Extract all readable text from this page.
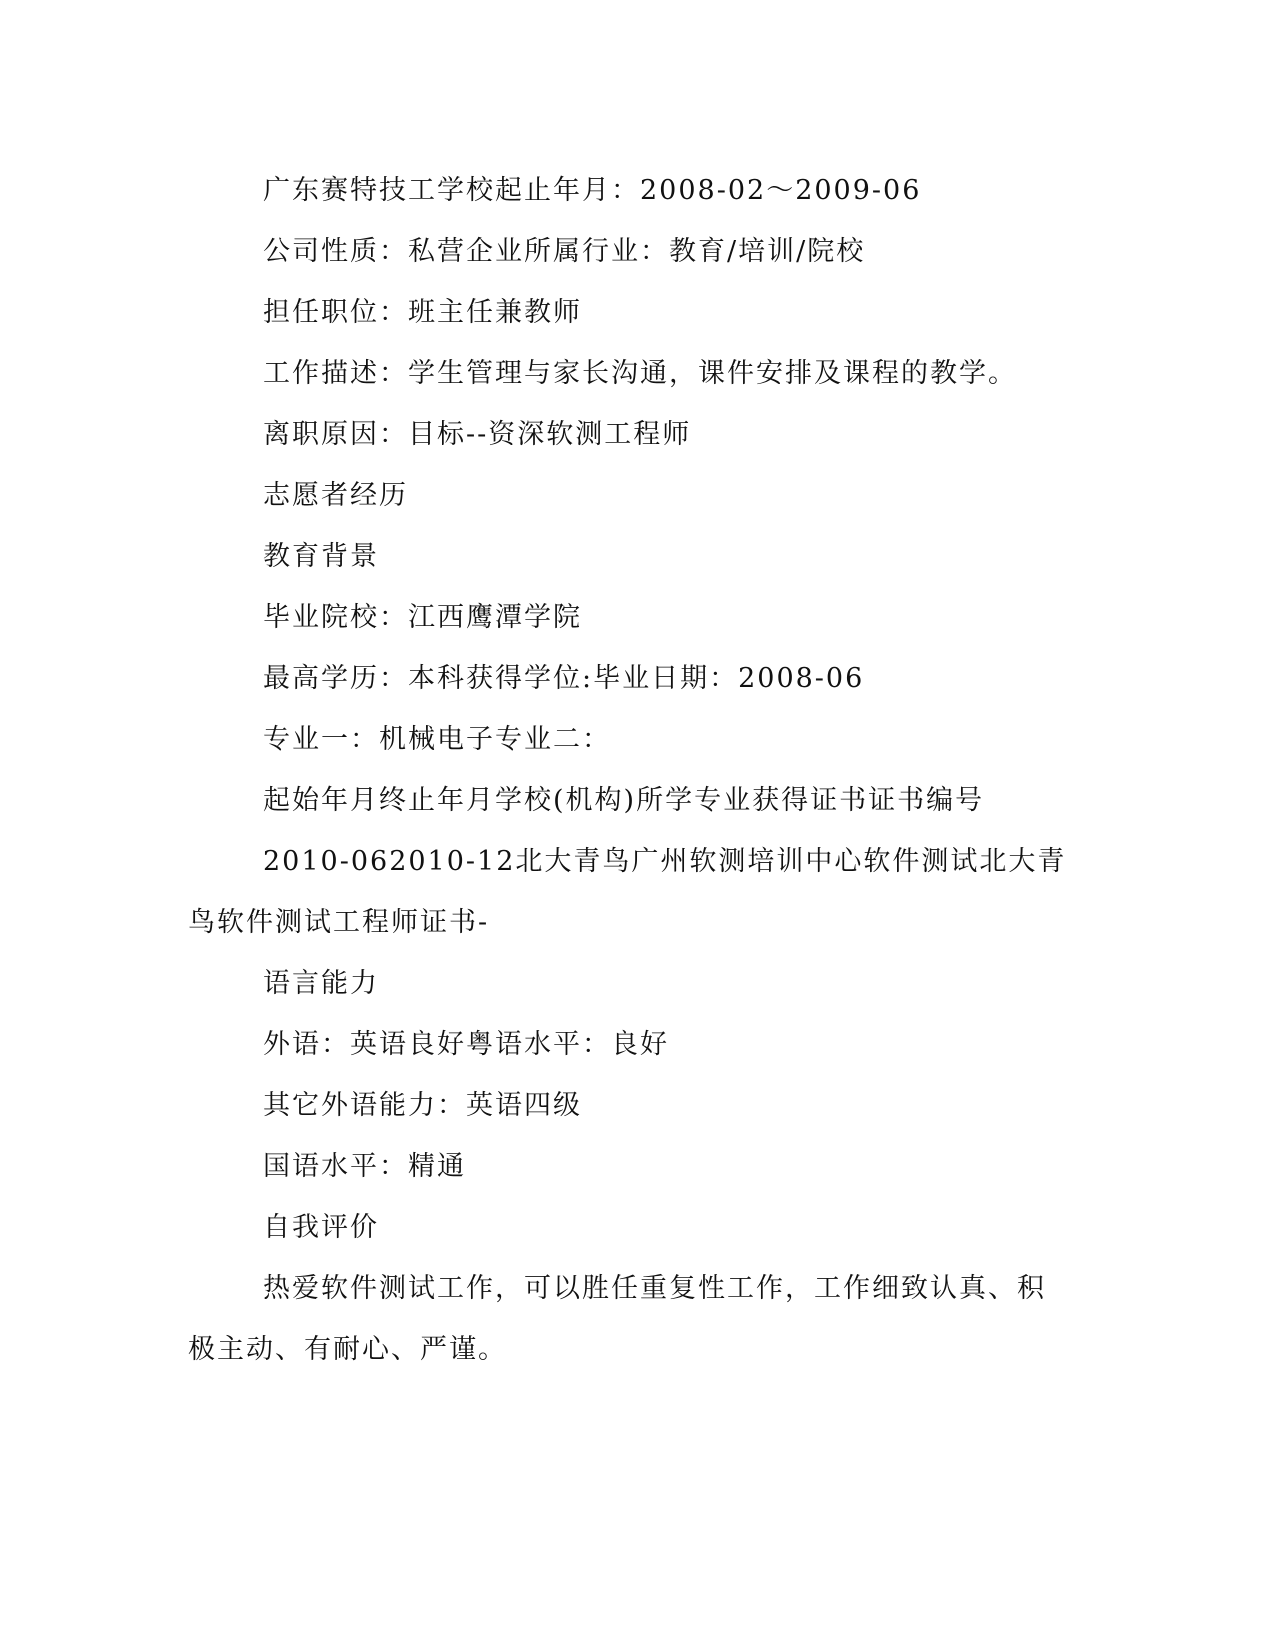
广东赛特技工学校起止年月：2008-02～2009-06

公司性质：私营企业所属行业：教育/培训/院校

担任职位：班主任兼教师

工作描述：学生管理与家长沟通，课件安排及课程的教学。

离职原因：目标--资深软测工程师

志愿者经历

教育背景

毕业院校：江西鹰潭学院

最高学历：本科获得学位:毕业日期：2008-06

专业一：机械电子专业二：

起始年月终止年月学校(机构)所学专业获得证书证书编号

2010-062010-12北大青鸟广州软测培训中心软件测试北大青鸟软件测试工程师证书-

语言能力

外语：英语良好粤语水平：良好

其它外语能力：英语四级

国语水平：精通

自我评价

热爱软件测试工作，可以胜任重复性工作，工作细致认真、积极主动、有耐心、严谨。
